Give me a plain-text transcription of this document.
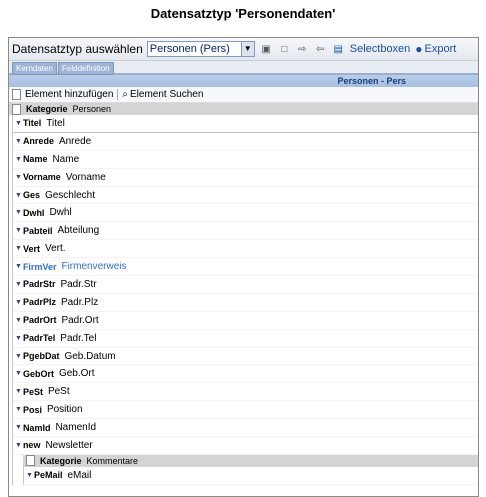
Datensatztyp 'Personendaten'
Datensatztyp auswählen Personen (Pers)	▼ ▣	□	⇨ ⇦ ▤ Selectboxen ● Export
Kerndaten	Felddefinition
Personen - Pers
Element hinzufügen ⌕ Element Suchen
Kategorie Personen
▼ Titel Titel
▼ Anrede Anrede
▼ Name Name
▼ Vorname Vorname
▼ Ges Geschlecht
▼ Dwhl Dwhl
▼ Pabteil Abteilung
▼ Vert Vert.
▼ FirmVer Firmenverweis
▼ PadrStr Padr.Str
▼ PadrPlz Padr.Plz
▼ PadrOrt Padr.Ort
▼ PadrTel Padr.Tel
▼ PgebDat Geb.Datum
▼ GebOrt Geb.Ort
▼ PeSt PeSt
▼ Posi Position
▼ NamId NamenId
▼ new Newsletter
Kategorie Kommentare
▼ PeMail eMail
